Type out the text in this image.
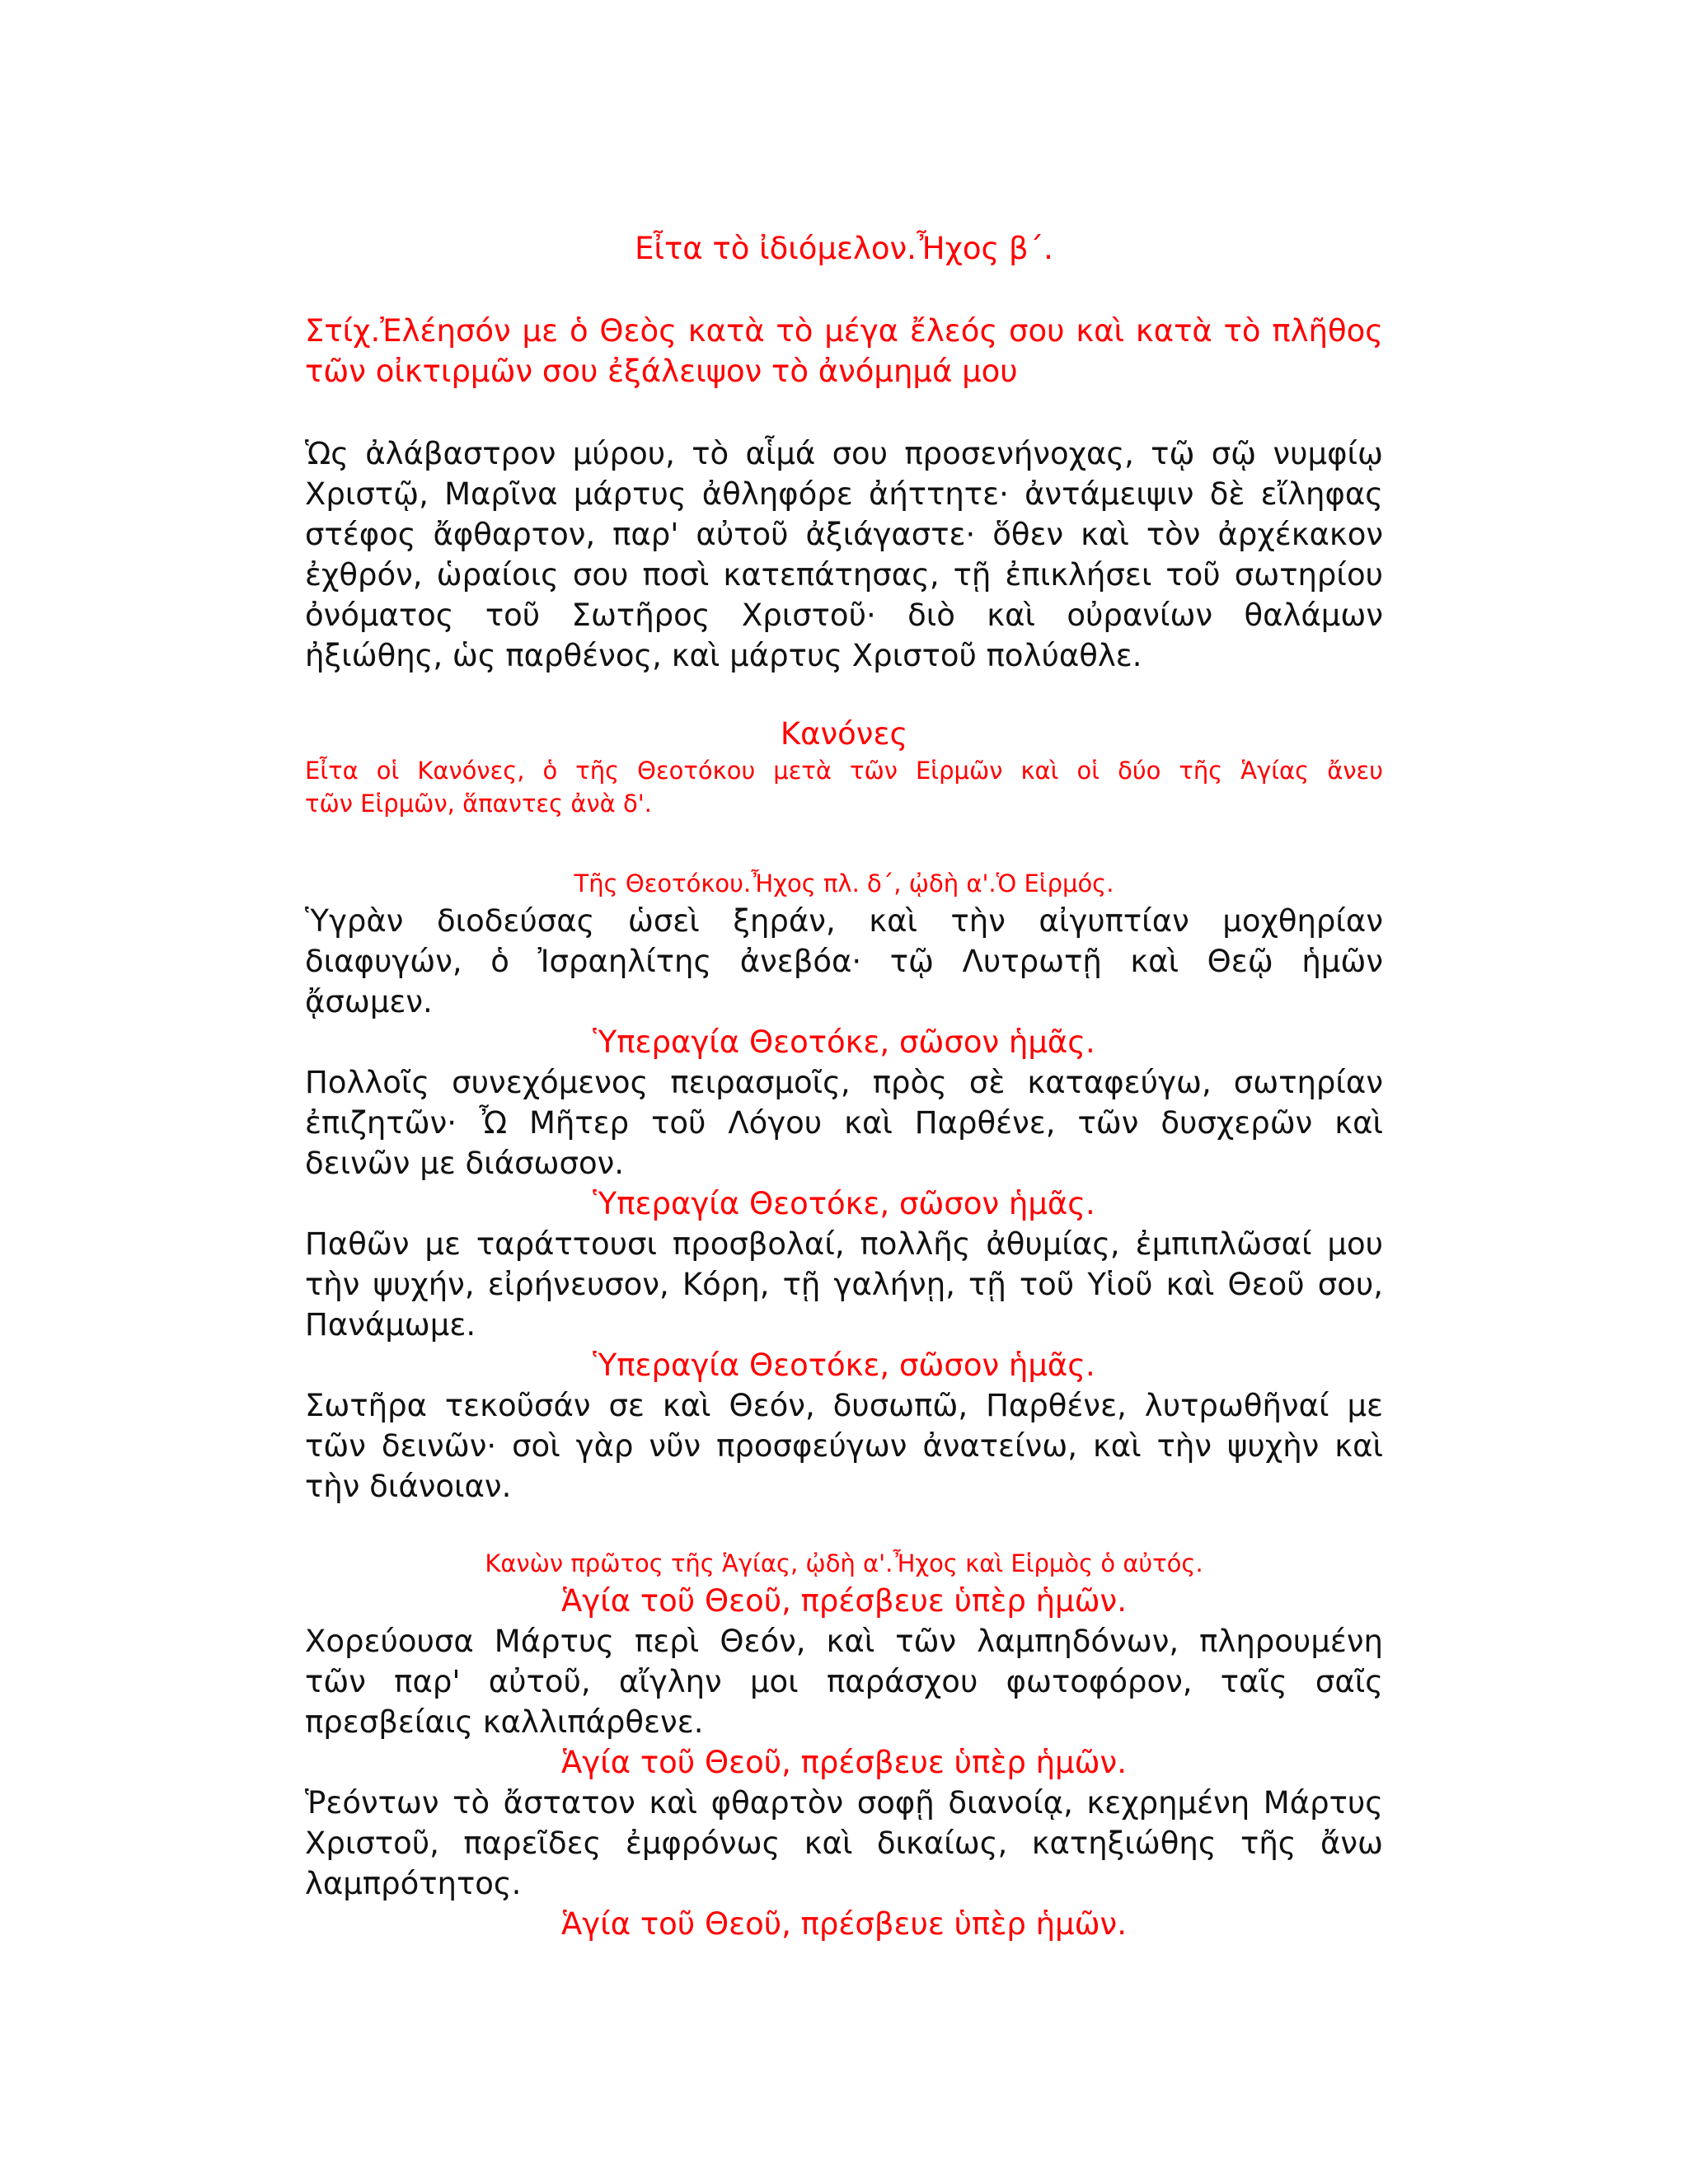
Εἶτα τὸ ἰδιόμελον.Ἦχος β΄.
Στίχ.Ἐλέησόν με ὁ Θεὸς κατὰ τὸ μέγα ἔλεός σου καὶ κατὰ τὸ πλῆθος
τῶν οἰκτιρμῶν σου ἐξάλειψον τὸ ἀνόμημά μου
Ὡς ἀλάβαστρον μύρου, τὸ αἷμά σου προσενήνοχας, τῷ σῷ νυμφίῳ
Χριστῷ, Μαρῖνα μάρτυς ἀθληφόρε ἀήττητε· ἀντάμειψιν δὲ εἴληφας
στέφος ἄφθαρτον, παρ' αὐτοῦ ἀξιάγαστε· ὅθεν καὶ τὸν ἀρχέκακον
ἐχθρόν, ὡραίοις σου ποσὶ κατεπάτησας, τῇ ἐπικλήσει τοῦ σωτηρίου
ὀνόματος τοῦ Σωτῆρος Χριστοῦ· διὸ καὶ οὐρανίων θαλάμων
ἠξιώθης, ὡς παρθένος, καὶ μάρτυς Χριστοῦ πολύαθλε.
Κανόνες
Εἶτα οἱ Κανόνες, ὁ τῆς Θεοτόκου μετὰ τῶν Εἱρμῶν καὶ οἱ δύο τῆς Ἁγίας ἄνευ
τῶν Εἱρμῶν, ἅπαντες ἀνὰ δ'.
Τῆς Θεοτόκου.Ἦχος πλ. δ΄, ᾠδὴ α'.Ὁ Εἱρμός.
Ὑγρὰν διοδεύσας ὡσεὶ ξηράν, καὶ τὴν αἰγυπτίαν μοχθηρίαν
διαφυγών, ὁ Ἰσραηλίτης ἀνεβόα· τῷ Λυτρωτῇ καὶ Θεῷ ἡμῶν
ᾄσωμεν.
Ὑπεραγία Θεοτόκε, σῶσον ἡμᾶς.
Πολλοῖς συνεχόμενος πειρασμοῖς, πρὸς σὲ καταφεύγω, σωτηρίαν
ἐπιζητῶν· Ὦ Μῆτερ τοῦ Λόγου καὶ Παρθένε, τῶν δυσχερῶν καὶ
δεινῶν με διάσωσον.
Ὑπεραγία Θεοτόκε, σῶσον ἡμᾶς.
Παθῶν με ταράττουσι προσβολαί, πολλῆς ἀθυμίας, ἐμπιπλῶσαί μου
τὴν ψυχήν, εἰρήνευσον, Κόρη, τῇ γαλήνῃ, τῇ τοῦ Υἱοῦ καὶ Θεοῦ σου,
Πανάμωμε.
Ὑπεραγία Θεοτόκε, σῶσον ἡμᾶς.
Σωτῆρα τεκοῦσάν σε καὶ Θεόν, δυσωπῶ, Παρθένε, λυτρωθῆναί με
τῶν δεινῶν· σοὶ γὰρ νῦν προσφεύγων ἀνατείνω, καὶ τὴν ψυχὴν καὶ
τὴν διάνοιαν.
Κανὼν πρῶτος τῆς Ἁγίας, ᾠδὴ α'.Ἦχος καὶ Εἱρμὸς ὁ αὐτός.
Ἁγία τοῦ Θεοῦ, πρέσβευε ὑπὲρ ἡμῶν.
Χορεύουσα Μάρτυς περὶ Θεόν, καὶ τῶν λαμπηδόνων, πληρουμένη
τῶν παρ' αὐτοῦ, αἴγλην μοι παράσχου φωτοφόρον, ταῖς σαῖς
πρεσβείαις καλλιπάρθενε.
Ἁγία τοῦ Θεοῦ, πρέσβευε ὑπὲρ ἡμῶν.
Ῥεόντων τὸ ἄστατον καὶ φθαρτὸν σοφῇ διανοίᾳ, κεχρημένη Μάρτυς
Χριστοῦ, παρεῖδες ἐμφρόνως καὶ δικαίως, κατηξιώθης τῆς ἄνω
λαμπρότητος.
Ἁγία τοῦ Θεοῦ, πρέσβευε ὑπὲρ ἡμῶν.
